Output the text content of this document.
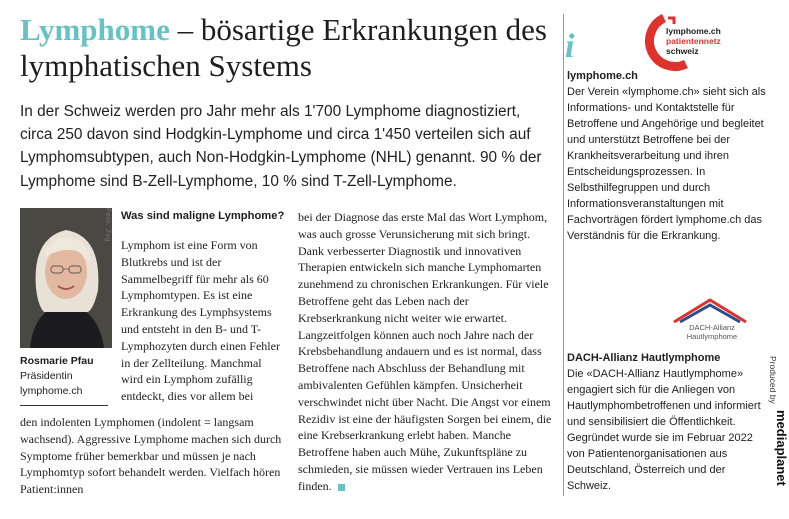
Lymphome – bösartige Erkrankungen des lymphatischen Systems

In der Schweiz werden pro Jahr mehr als 1'700 Lymphome diagnostiziert, circa 250 davon sind Hodgkin-Lymphome und circa 1'450 verteilen sich auf Lymphomsubtypen, auch Non-Hodgkin-Lymphome (NHL) genannt. 90 % der Lymphome sind B-Zell-Lymphome, 10 % sind T-Zell-Lymphome.

Foto: Zvg
Rosmarie Pfau
Präsidentin
lymphome.ch
Was sind maligne Lymphome?

Lymphom ist eine Form von Blutkrebs und ist der Sammelbegriff für mehr als 60 Lymphomtypen. Es ist eine Erkrankung des Lymphsystems und entsteht in den B- und T-Lymphozyten durch einen Fehler in der Zellteilung. Manchmal wird ein Lymphom zufällig entdeckt, dies vor allem bei

den indolenten Lymphomen (indolent = langsam wachsend). Aggressive Lymphome machen sich durch Symptome früher bemerkbar und müssen je nach Lymphomtyp sofort behandelt werden. Vielfach hören Patient:innen

bei der Diagnose das erste Mal das Wort Lymphom, was auch grosse Verunsicherung mit sich bringt. Dank verbesserter Diagnostik und innovativen Therapien entwickeln sich manche Lymphomarten zunehmend zu chronischen Erkrankungen. Für viele Betroffene geht das Leben nach der Krebserkrankung nicht weiter wie erwartet. Langzeitfolgen können auch noch Jahre nach der Krebsbehandlung andauern und es ist normal, dass Betroffene nach Abschluss der Behandlung mit ambivalenten Gefühlen kämpfen. Unsicherheit verschwindet nicht über Nacht. Die Angst vor einem Rezidiv ist eine der häufigsten Sorgen bei einem, die eine Krebserkrankung erlebt haben. Manche Betroffene haben auch Mühe, Zukunftspläne zu schmieden, sie müssen wieder Vertrauen ins Leben finden.

i	lymphome.ch
patientennetz
schweiz
lymphome.ch

Der Verein «lymphome.ch» sieht sich als Informations- und Kontaktstelle für Betroffene und Angehörige und begleitet und unterstützt Betroffene bei der Krankheitsverarbeitung und ihren Entscheidungsprozessen. In Selbsthilfegruppen und durch Informationsveranstaltungen mit Fachvorträgen fördert lymphome.ch das Verständnis für die Erkrankung.

DACH-Allianz
Hautlymphome
DACH-Allianz Hautlymphome

Die «DACH-Allianz Hautlymphome» engagiert sich für die Anliegen von Hautlymphombetroffenen und informiert und sensibilisiert die Öffentlichkeit. Gegründet wurde sie im Februar 2022 von Patientenorganisationen aus Deutschland, Österreich und der Schweiz.

Produced by
mediaplanet
